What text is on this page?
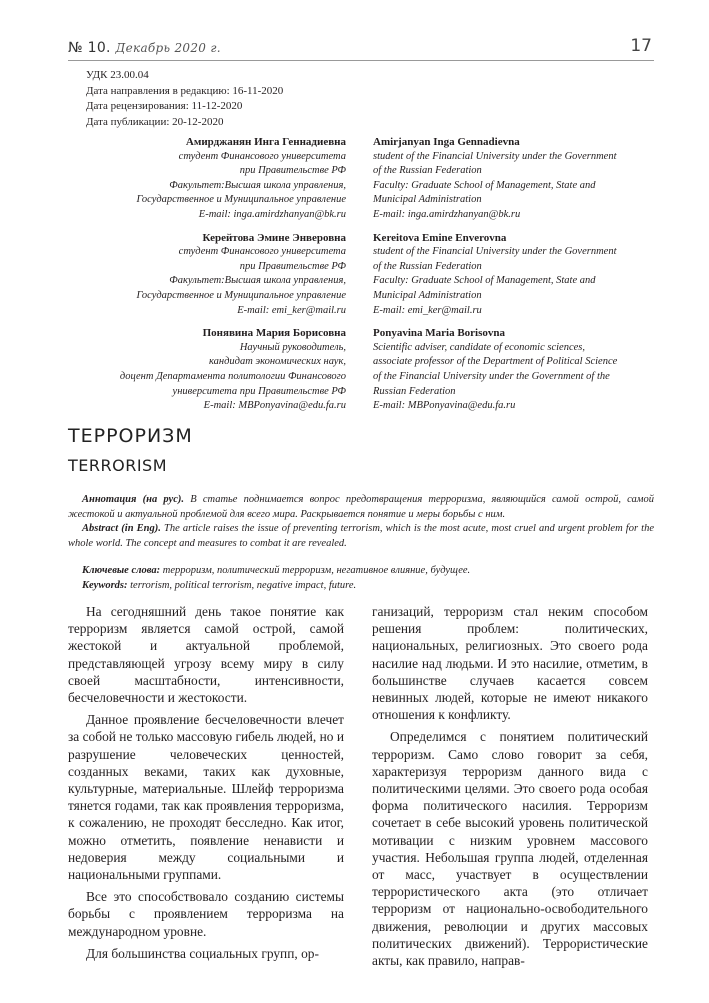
№ 10. Декабрь 2020 г.	17
УДК 23.00.04
Дата направления в редакцию: 16-11-2020
Дата рецензирования: 11-12-2020
Дата публикации: 20-12-2020
Амирджанян Инга Геннадиевна
студент Финансового университета
при Правительстве РФ
Факультет:Высшая школа управления,
Государственное и Муниципальное управление
E-mail: inga.amirdzhanyan@bk.ru
Керейтова Эмине Энверовна
студент Финансового университета
при Правительстве РФ
Факультет:Высшая школа управления,
Государственное и Муниципальное управление
E-mail: emi_ker@mail.ru
Понявина Мария Борисовна
Научный руководитель,
кандидат экономических наук,
доцент Департамента политологии Финансового
университета при Правительстве РФ
E-mail: MBPonyavina@edu.fa.ru
Amirjanyan Inga Gennadievna
student of the Financial University under the Government
of the Russian Federation
Faculty: Graduate School of Management, State and
Municipal Administration
E-mail: inga.amirdzhanyan@bk.ru
Kereitova Emine Enverovna
student of the Financial University under the Government
of the Russian Federation
Faculty: Graduate School of Management, State and
Municipal Administration
E-mail: emi_ker@mail.ru
Ponyavina Maria Borisovna
Scientific adviser, candidate of economic sciences,
associate professor of the Department of Political Science
of the Financial University under the Government of the
Russian Federation
E-mail: MBPonyavina@edu.fa.ru
ТЕРРОРИЗМ
TERRORISM

Аннотация (на рус). В статье поднимается вопрос предотвращения терроризма, являющийся самой острой, самой жестокой и актуальной проблемой для всего мира. Раскрывается понятие и меры борьбы с ним.

Abstract (in Eng). The article raises the issue of preventing terrorism, which is the most acute, most cruel and urgent problem for the whole world. The concept and measures to combat it are revealed.

Ключевые слова: терроризм, политический терроризм, негативное влияние, будущее.

Keywords: terrorism, political terrorism, negative impact, future.

На сегодняшний день такое понятие как терроризм является самой острой, самой жестокой и актуальной проблемой, представляющей угрозу всему миру в силу своей масштабности, интенсивности, бесчеловечности и жестокости.

Данное проявление бесчеловечности влечет за собой не только массовую гибель людей, но и разрушение человеческих ценностей, созданных веками, таких как духовные, культурные, материальные. Шлейф терроризма тянется годами, так как проявления терроризма, к сожалению, не проходят бесследно. Как итог, можно отметить, появление ненависти и недоверия между социальными и национальными группами.

Все это способствовало созданию системы борьбы с проявлением терроризма на международном уровне.

Для большинства социальных групп, ор-

ганизаций, терроризм стал неким способом решения проблем: политических, национальных, религиозных. Это своего рода насилие над людьми. И это насилие, отметим, в большинстве случаев касается совсем невинных людей, которые не имеют никакого отношения к конфликту.

Определимся с понятием политический терроризм. Само слово говорит за себя, характеризуя терроризм данного вида с политическими целями. Это своего рода особая форма политического насилия. Терроризм сочетает в себе высокий уровень политической мотивации с низким уровнем массового участия. Небольшая группа людей, отделенная от масс, участвует в осуществлении террористического акта (это отличает терроризм от национально-освободительного движения, революции и других массовых политических движений). Террористические акты, как правило, направ-
